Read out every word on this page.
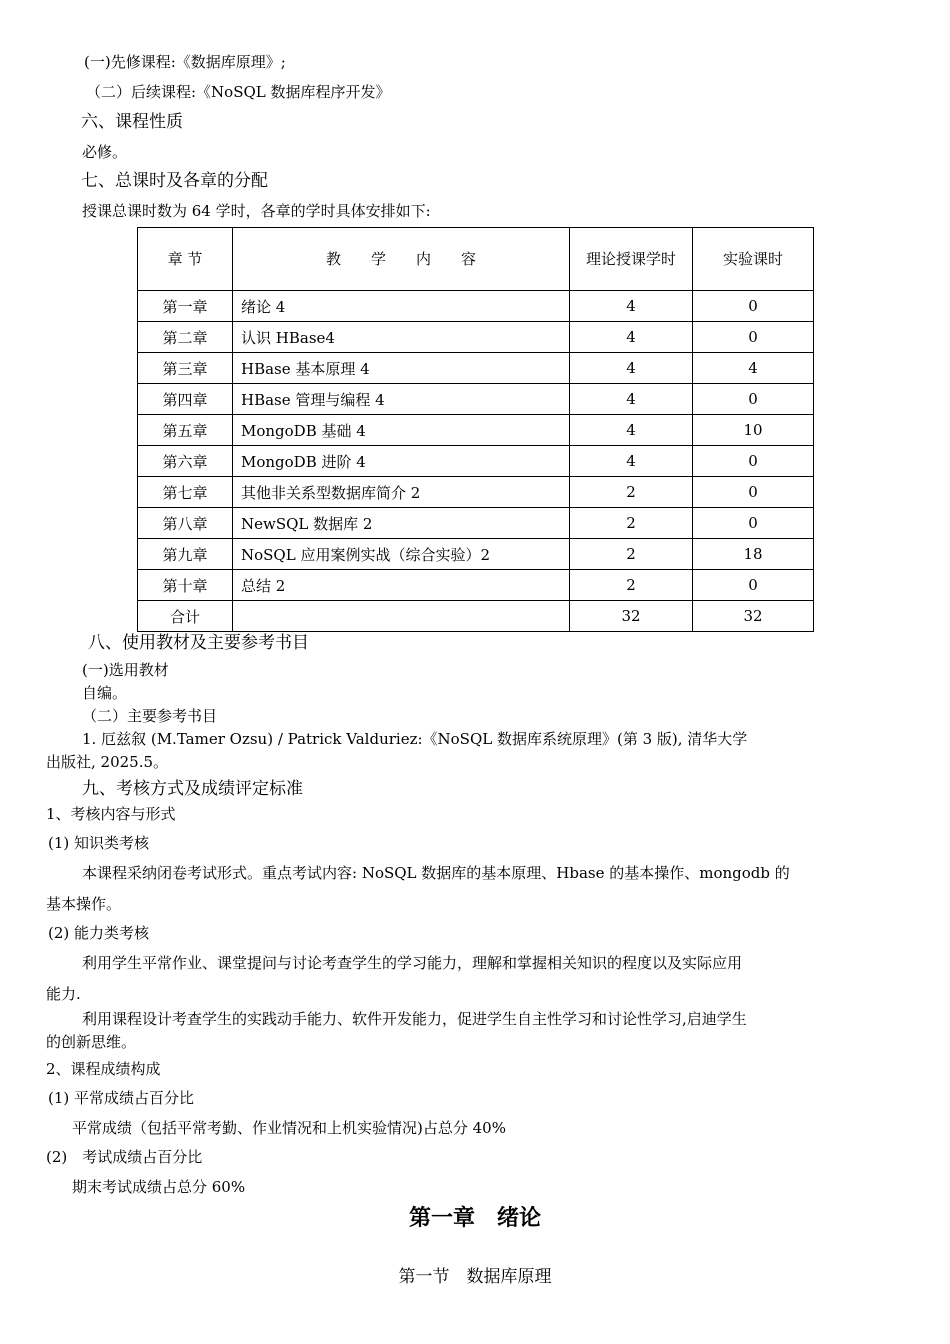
(一)先修课程:《数据库原理》;
（二）后续课程:《NoSQL 数据库程序开发》
六、课程性质
必修。
七、总课时及各章的分配
授课总课时数为 64 学时，各章的学时具体安排如下:
章 节	教　　学　　内　　容	理论授课学时	实验课时
第一章	绪论 4	4	0
第二章	认识 HBase4	4	0
第三章	HBase 基本原理 4	4	4
第四章	HBase 管理与编程 4	4	0
第五章	MongoDB 基础 4	4	10
第六章	MongoDB 进阶 4	4	0
第七章	其他非关系型数据库简介 2	2	0
第八章	NewSQL 数据库 2	2	0
第九章	NoSQL 应用案例实战（综合实验）2	2	18
第十章	总结 2	2	0
合计		32	32
八、使用教材及主要参考书目
(一)选用教材
自编。
（二）主要参考书目
1. 厄兹叙 (M.Tamer Ozsu) / Patrick Valduriez:《NoSQL 数据库系统原理》(第 3 版), 清华大学
出版社, 2025.5。
九、考核方式及成绩评定标准
1、考核内容与形式
(1) 知识类考核
本课程采纳闭卷考试形式。重点考试内容: NoSQL 数据库的基本原理、Hbase 的基本操作、mongodb 的
基本操作。
(2) 能力类考核
利用学生平常作业、课堂提问与讨论考查学生的学习能力，理解和掌握相关知识的程度以及实际应用
能力.
利用课程设计考查学生的实践动手能力、软件开发能力，促进学生自主性学习和讨论性学习,启迪学生
的创新思维。
2、课程成绩构成
(1) 平常成绩占百分比
平常成绩（包括平常考勤、作业情况和上机实验情况)占总分 40%
(2)　考试成绩占百分比
期末考试成绩占总分 60%
第一章　绪论
第一节　数据库原理
